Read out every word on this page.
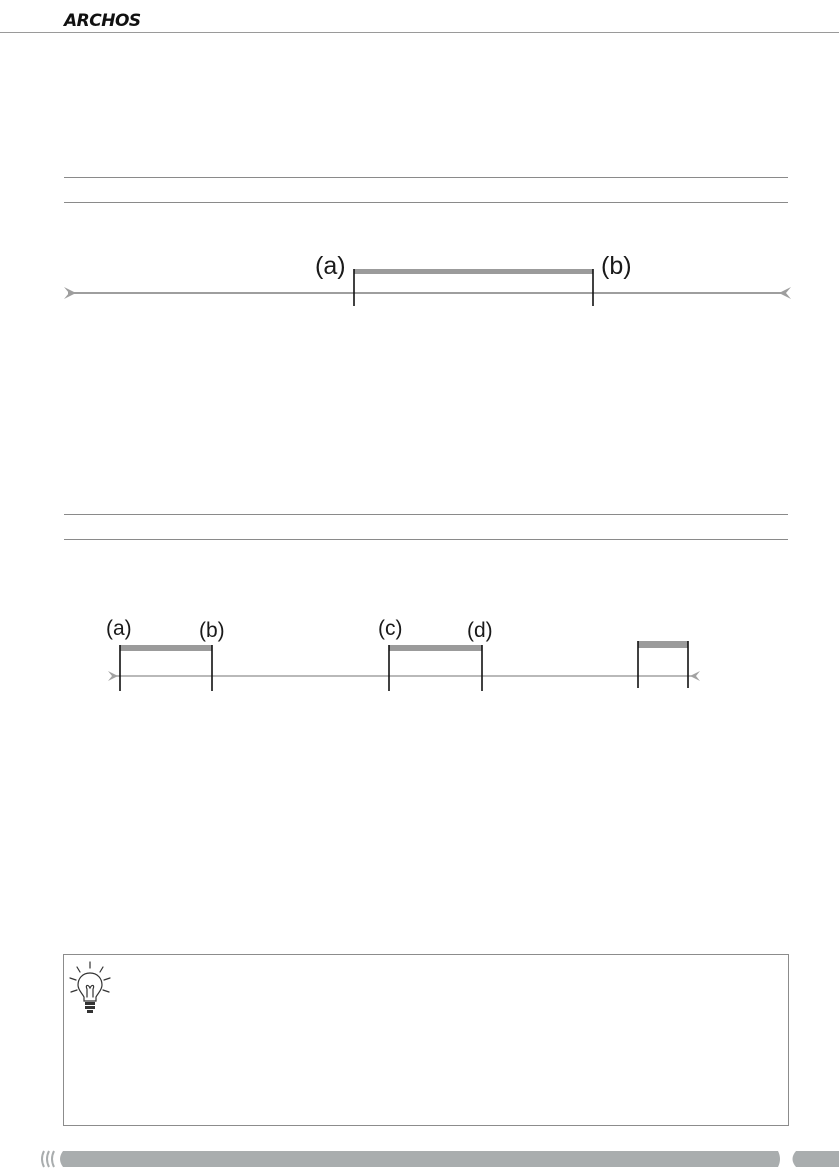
ARCHOS
(a)	(b)
(a)	(b)	(c)	(d)
